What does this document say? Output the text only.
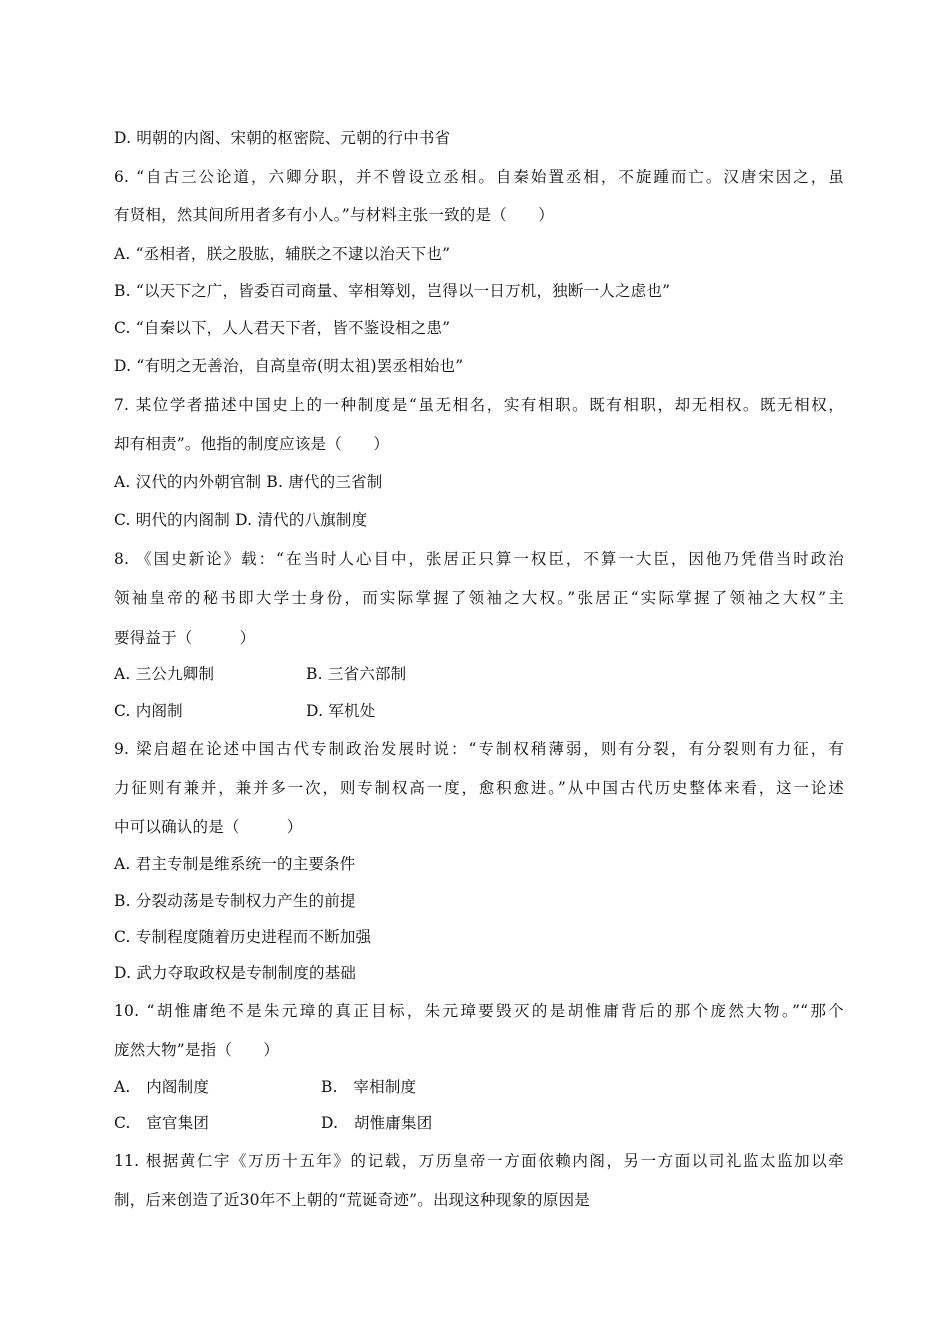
D. 明朝的内阁、宋朝的枢密院、元朝的行中书省
6. “自古三公论道，六卿分职，并不曾设立丞相。自秦始置丞相，不旋踵而亡。汉唐宋因之，虽
有贤相，然其间所用者多有小人。”与材料主张一致的是（　　）
A. “丞相者，朕之股肱，辅朕之不逮以治天下也”
B. “以天下之广，皆委百司商量、宰相筹划，岂得以一日万机，独断一人之虑也”
C. “自秦以下，人人君天下者，皆不鉴设相之患”
D. “有明之无善治，自高皇帝(明太祖)罢丞相始也”
7. 某位学者描述中国史上的一种制度是“虽无相名，实有相职。既有相职，却无相权。既无相权，
却有相责”。他指的制度应该是（　　）
A. 汉代的内外朝官制 B. 唐代的三省制
C. 明代的内阁制 D. 清代的八旗制度
8. 《国史新论》载：“在当时人心目中，张居正只算一权臣，不算一大臣，因他乃凭借当时政治
领袖皇帝的秘书即大学士身份，而实际掌握了领袖之大权。”张居正“实际掌握了领袖之大权”主
要得益于（　　　）
A. 三公九卿制	B. 三省六部制
C. 内阁制	D. 军机处
9. 梁启超在论述中国古代专制政治发展时说：“专制权稍薄弱，则有分裂，有分裂则有力征，有
力征则有兼并，兼并多一次，则专制权高一度，愈积愈进。”从中国古代历史整体来看，这一论述
中可以确认的是（　　　）
A. 君主专制是维系统一的主要条件
B. 分裂动荡是专制权力产生的前提
C. 专制程度随着历史进程而不断加强
D. 武力夺取政权是专制制度的基础
10. “胡惟庸绝不是朱元璋的真正目标，朱元璋要毁灭的是胡惟庸背后的那个庞然大物。”“那个
庞然大物”是指（　　）
A.　内阁制度	B.　宰相制度
C.　宦官集团	D.　胡惟庸集团
11. 根据黄仁宇《万历十五年》的记载，万历皇帝一方面依赖内阁，另一方面以司礼监太监加以牵
制，后来创造了近30年不上朝的“荒诞奇迹”。出现这种现象的原因是
